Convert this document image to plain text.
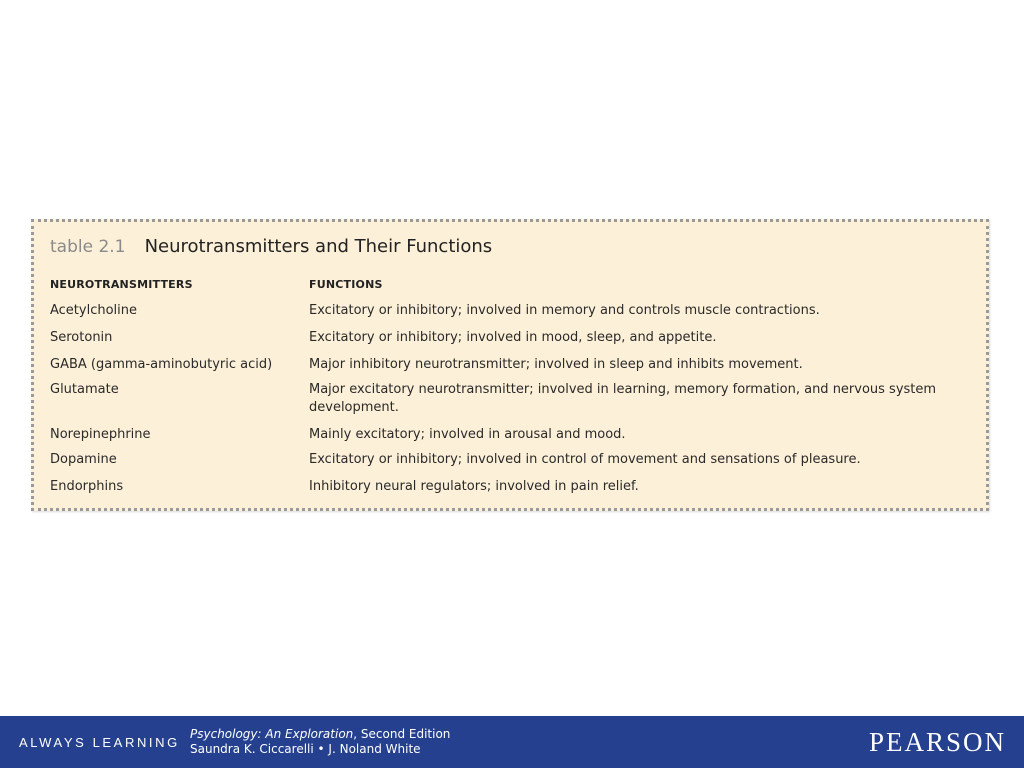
table 2.1 Neurotransmitters and Their Functions
NEUROTRANSMITTERS	FUNCTIONS
Acetylcholine	Excitatory or inhibitory; involved in memory and controls muscle contractions.
Serotonin	Excitatory or inhibitory; involved in mood, sleep, and appetite.
GABA (gamma-aminobutyric acid)	Major inhibitory neurotransmitter; involved in sleep and inhibits movement.
Glutamate	Major excitatory neurotransmitter; involved in learning, memory formation, and nervous system development.
Norepinephrine	Mainly excitatory; involved in arousal and mood.
Dopamine	Excitatory or inhibitory; involved in control of movement and sensations of pleasure.
Endorphins	Inhibitory neural regulators; involved in pain relief.
ALWAYS LEARNING
Psychology: An Exploration, Second Edition
Saundra K. Ciccarelli • J. Noland White	PEARSON
